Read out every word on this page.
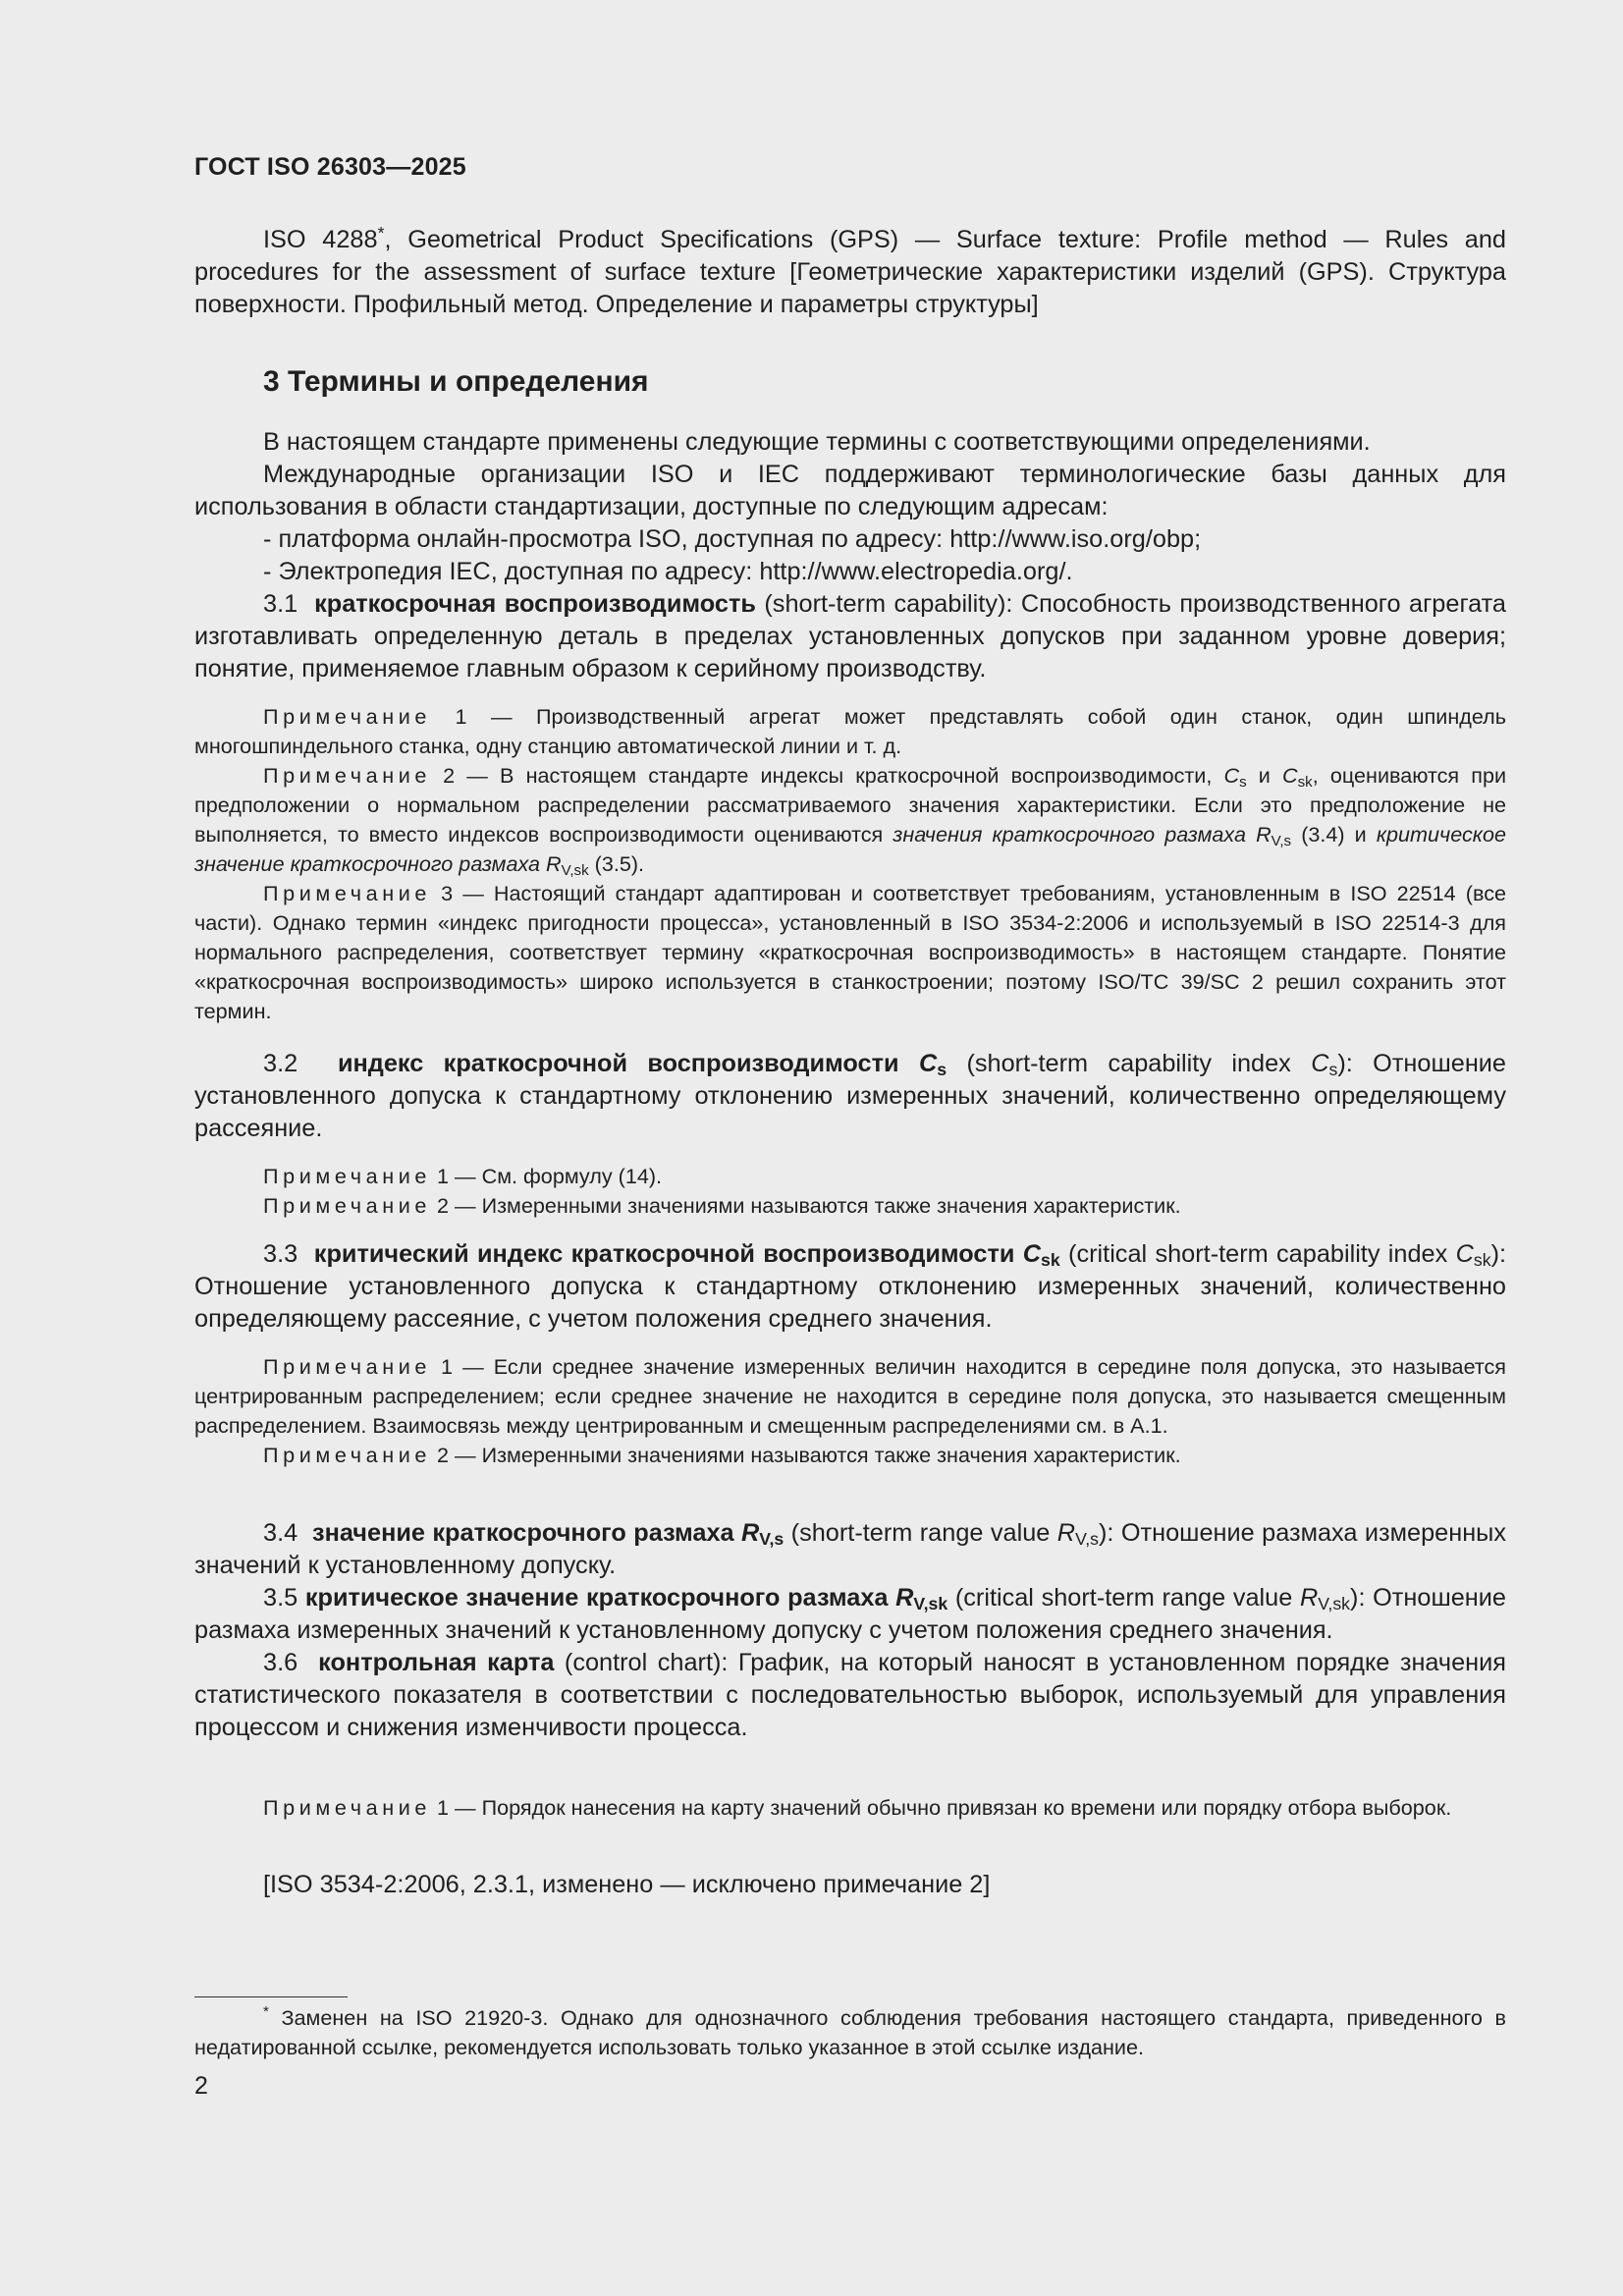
ГОСТ ISO 26303—2025

ISO 4288*, Geometrical Product Specifications (GPS) — Surface texture: Profile method — Rules and procedures for the assessment of surface texture [Геометрические характеристики изделий (GPS). Структура поверхности. Профильный метод. Определение и параметры структуры]

3 Термины и определения

В настоящем стандарте применены следующие термины с соответствующими определениями.

Международные организации ISO и IEC поддерживают терминологические базы данных для использования в области стандартизации, доступные по следующим адресам:

- платформа онлайн-просмотра ISO, доступная по адресу: http://www.iso.org/obp;

- Электропедия IEC, доступная по адресу: http://www.electropedia.org/.

3.1 краткосрочная воспроизводимость (short-term capability): Способность производственного агрегата изготавливать определенную деталь в пределах установленных допусков при заданном уровне доверия; понятие, применяемое главным образом к серийному производству.

Примечание 1 — Производственный агрегат может представлять собой один станок, один шпиндель многошпиндельного станка, одну станцию автоматической линии и т. д.

Примечание 2 — В настоящем стандарте индексы краткосрочной воспроизводимости, $C_s$ и $C_{sk}$, оцениваются при предположении о нормальном распределении рассматриваемого значения характеристики. Если это предположение не выполняется, то вместо индексов воспроизводимости оцениваются значения краткосрочного размаха $R_{V,s}$ (3.4) и критическое значение краткосрочного размаха $R_{V,sk}$ (3.5).

Примечание 3 — Настоящий стандарт адаптирован и соответствует требованиям, установленным в ISO 22514 (все части). Однако термин «индекс пригодности процесса», установленный в ISO 3534-2:2006 и используемый в ISO 22514-3 для нормального распределения, соответствует термину «краткосрочная воспроизводимость» в настоящем стандарте. Понятие «краткосрочная воспроизводимость» широко используется в станкостроении; поэтому ISO/TC 39/SC 2 решил сохранить этот термин.

3.2 индекс краткосрочной воспроизводимости $C_s$ (short-term capability index $C_s$): Отношение установленного допуска к стандартному отклонению измеренных значений, количественно определяющему рассеяние.

Примечание 1 — См. формулу (14).

Примечание 2 — Измеренными значениями называются также значения характеристик.

3.3 критический индекс краткосрочной воспроизводимости $C_{sk}$ (critical short-term capability index $C_{sk}$): Отношение установленного допуска к стандартному отклонению измеренных значений, количественно определяющему рассеяние, с учетом положения среднего значения.

Примечание 1 — Если среднее значение измеренных величин находится в середине поля допуска, это называется центрированным распределением; если среднее значение не находится в середине поля допуска, это называется смещенным распределением. Взаимосвязь между центрированным и смещенным распределениями см. в А.1.

Примечание 2 — Измеренными значениями называются также значения характеристик.

3.4 значение краткосрочного размаха $R_{V,s}$ (short-term range value $R_{V,s}$): Отношение размаха измеренных значений к установленному допуску.

3.5 критическое значение краткосрочного размаха $R_{V,sk}$ (critical short-term range value $R_{V,sk}$): Отношение размаха измеренных значений к установленному допуску с учетом положения среднего значения.

3.6 контрольная карта (control chart): График, на который наносят в установленном порядке значения статистического показателя в соответствии с последовательностью выборок, используемый для управления процессом и снижения изменчивости процесса.

Примечание 1 — Порядок нанесения на карту значений обычно привязан ко времени или порядку отбора выборок.

[ISO 3534-2:2006, 2.3.1, изменено — исключено примечание 2]

* Заменен на ISO 21920-3. Однако для однозначного соблюдения требования настоящего стандарта, приведенного в недатированной ссылке, рекомендуется использовать только указанное в этой ссылке издание.

2
